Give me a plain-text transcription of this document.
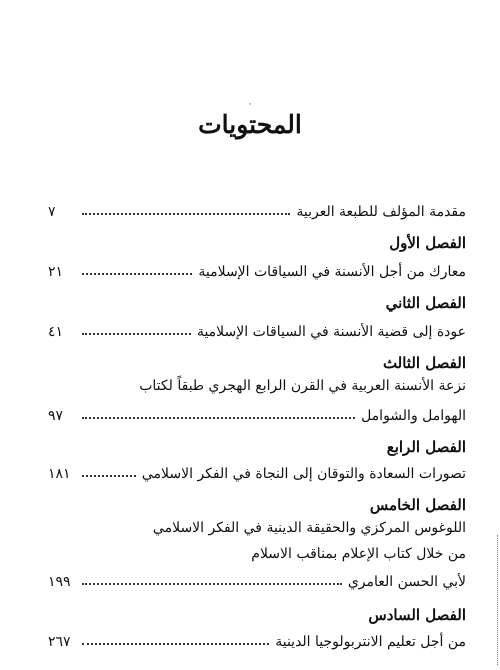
·
المحتويات
مقدمة المؤلف للطبعة العربية
٧
الفصل الأول
معارك من أجل الأنسنة في السياقات الإسلامية
٢١
الفصل الثاني
عودة إلى قضية الأنسنة في السياقات الإسلامية
٤١
الفصل الثالث
نزعة الأنسنة العربية في القرن الرابع الهجري طبقاً لكتاب
الهوامل والشوامل
٩٧
الفصل الرابع
تصورات السعادة والتوقان إلى النجاة في الفكر الاسلامي
١٨١
الفصل الخامس
اللوغوس المركزي والحقيقة الدينية في الفكر الاسلامي
من خلال كتاب الإعلام بمناقب الاسلام
لأبي الحسن العامري
١٩٩
الفصل السادس
من أجل تعليم الانتربولوجيا الدينية
٢٦٧
